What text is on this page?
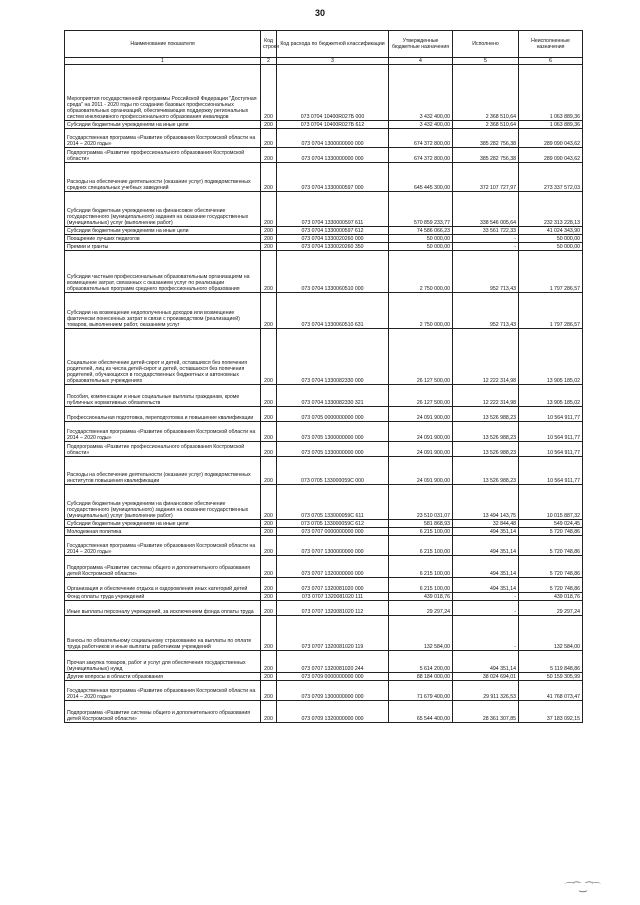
30
Наименование показателя	Код строки	Код расхода по бюджетной классификации	Утвержденные бюджетные назначения	Исполнено	Неисполненные назначения
1	2	3	4	5	6
Мероприятия государственной программы Российской Федерации "Доступная среда" на 2011 - 2020 годы по созданию базовых профессиональных образовательных организаций, обеспечивающих поддержку региональных систем инклюзивного профессионального образования инвалидов	200	073 0704 10400R027Б 000	3 432 400,00	2 368 510,64	1 063 889,36
Субсидии бюджетным учреждениям на иные цели	200	073 0704 10400R027Б 612	3 432 400,00	2 368 510,64	1 063 889,36
Государственная программа «Развитие образования Костромской области на 2014 – 2020 годы»	200	073 0704 1300000000 000	674 372 800,00	385 282 756,38	289 090 043,62
Подпрограмма «Развитие профессионального образования Костромской области»	200	073 0704 1330000000 000	674 372 800,00	385 282 756,38	289 090 043,62
Расходы на обеспечение деятельности (оказание услуг) подведомственных средних специальных учебных заведений	200	073 0704 1330000597 000	645 445 300,00	372 107 727,97	273 337 572,03
Субсидии бюджетным учреждениям на финансовое обеспечение государственного (муниципального) задания на оказание государственных (муниципальных) услуг (выполнение работ)	200	073 0704 1330000597 611	570 859 233,77	338 546 005,64	232 313 228,13
Субсидии бюджетным учреждениям на иные цели	200	073 0704 1330000597 612	74 586 066,23	33 561 722,33	41 024 343,90
Поощрение лучших педагогов	200	073 0704 1330020260 000	50 000,00	-	50 000,00
Премии и гранты	200	073 0704 1330020260 350	50 000,00	-	50 000,00
Субсидии частным профессиональным образовательным организациям на возмещение затрат, связанных с оказанием услуг по реализации образовательных программ среднего профессионального образования	200	073 0704 1330060510 000	2 750 000,00	952 713,43	1 797 286,57
Субсидии на возмещение недополученных доходов или возмещение фактически понесенных затрат в связи с производством (реализацией) товаров, выполнением работ, оказанием услуг	200	073 0704 1330060510 631	2 750 000,00	952 713,43	1 797 286,57
Социальное обеспечение детей-сирот и детей, оставшихся без попечения родителей, лиц из числа детей-сирот и детей, оставшихся без попечения родителей, обучающихся в государственных бюджетных и автономных образовательных учреждениях	200	073 0704 1330082330 000	26 127 500,00	12 222 314,98	13 905 185,02
Пособия, компенсации и иные социальные выплаты гражданам, кроме публичных нормативных обязательств	200	073 0704 1330082330 321	26 127 500,00	12 222 314,98	13 905 185,02
Профессиональная подготовка, переподготовка и повышение квалификации	200	073 0705 0000000000 000	24 091 900,00	13 526 988,23	10 564 911,77
Государственная программа «Развитие образования Костромской области на 2014 – 2020 годы»	200	073 0705 1300000000 000	24 091 900,00	13 526 988,23	10 564 911,77
Подпрограмма «Развитие профессионального образования Костромской области»	200	073 0705 1330000000 000	24 091 900,00	13 526 988,23	10 564 911,77
Расходы на обеспечение деятельности (оказание услуг) подведомственных институтов повышения квалификации	200	073 0705 133000059С 000	24 091 900,00	13 526 988,23	10 564 911,77
Субсидии бюджетным учреждениям на финансовое обеспечение государственного (муниципального) задания на оказание государственных (муниципальных) услуг (выполнение работ)	200	073 0705 133000059С 611	23 510 031,07	13 494 143,75	10 015 887,32
Субсидии бюджетным учреждениям на иные цели	200	073 0705 133000059С 612	581 868,93	32 844,48	549 024,45
Молодежная политика	200	073 0707 0000000000 000	6 215 100,00	494 351,14	5 720 748,86
Государственная программа «Развитие образования Костромской области на 2014 – 2020 годы»	200	073 0707 1300000000 000	6 215 100,00	494 351,14	5 720 748,86
Подпрограмма «Развитие системы общего и дополнительного образования детей Костромской области»	200	073 0707 1320000000 000	6 215 100,00	494 351,14	5 720 748,86
Организация и обеспечение отдыха и оздоровления иных категорий детей	200	073 0707 1320081020 000	6 215 100,00	494 351,14	5 720 748,86
Фонд оплаты труда учреждений	200	073 0707 1320081020 111	439 018,76	-	439 018,76
Иные выплаты персоналу учреждений, за исключением фонда оплаты труда	200	073 0707 1320081020 112	29 297,24	-	29 297,24
Взносы по обязательному социальному страхованию на выплаты по оплате труда работников и иные выплаты работникам учреждений	200	073 0707 1320081020 119	132 584,00	-	132 584,00
Прочая закупка товаров, работ и услуг для обеспечения государственных (муниципальных) нужд	200	073 0707 1320081020 244	5 614 200,00	494 351,14	5 119 848,86
Другие вопросы в области образования	200	073 0709 0000000000 000	88 184 000,00	38 024 694,01	50 159 305,99
Государственная программа «Развитие образования Костромской области на 2014 – 2020 годы»	200	073 0709 1300000000 000	71 679 400,00	29 911 326,53	41 768 073,47
Подпрограмма «Развитие системы общего и дополнительного образования детей Костромской области»	200	073 0709 1320000000 000	65 544 400,00	28 361 307,85	37 183 092,15
⌒⁀‿⁀⌒
